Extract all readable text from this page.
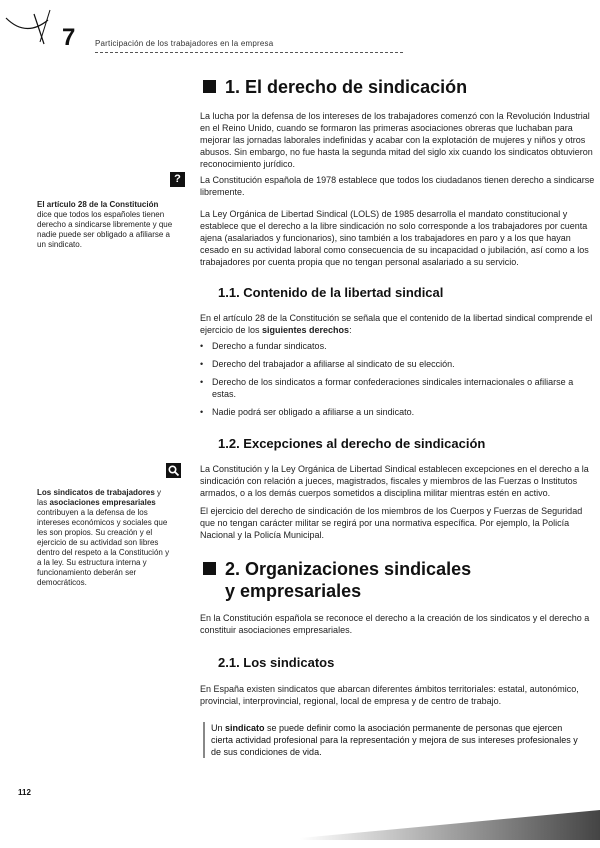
7 Participación de los trabajadores en la empresa
1. El derecho de sindicación

La lucha por la defensa de los intereses de los trabajadores comenzó con la Revolución Industrial en el Reino Unido, cuando se formaron las primeras asociaciones obreras que luchaban para mejorar las jornadas laborales indefinidas y acabar con la explotación de mujeres y niños y otros abusos. Sin embargo, no fue hasta la segunda mitad del siglo xix cuando los sindicatos obtuvieron reconocimiento jurídico.

La Constitución española de 1978 establece que todos los ciudadanos tienen derecho a sindicarse libremente.

La Ley Orgánica de Libertad Sindical (LOLS) de 1985 desarrolla el mandato constitucional y establece que el derecho a la libre sindicación no solo corresponde a los trabajadores por cuenta ajena (asalariados y funcionarios), sino también a los trabajadores en paro y a los que hayan cesado en su actividad laboral como consecuencia de su incapacidad o jubilación, así como a los trabajadores por cuenta propia que no tengan personal asalariado a su servicio.

?
El artículo 28 de la Constitución dice que todos los españoles tienen derecho a sindicarse libremente y que nadie puede ser obligado a afiliarse a un sindicato.
1.1. Contenido de la libertad sindical

En el artículo 28 de la Constitución se señala que el contenido de la libertad sindical comprende el ejercicio de los siguientes derechos:

• Derecho a fundar sindicatos.
• Derecho del trabajador a afiliarse al sindicato de su elección.
• Derecho de los sindicatos a formar confederaciones sindicales internacionales o afiliarse a estas.
• Nadie podrá ser obligado a afiliarse a un sindicato.
1.2. Excepciones al derecho de sindicación

La Constitución y la Ley Orgánica de Libertad Sindical establecen excepciones en el derecho a la sindicación con relación a jueces, magistrados, fiscales y miembros de las Fuerzas o Institutos armados, o a los demás cuerpos sometidos a disciplina militar mientras estén en activo.

El ejercicio del derecho de sindicación de los miembros de los Cuerpos y Fuerzas de Seguridad que no tengan carácter militar se regirá por una normativa específica. Por ejemplo, la Policía Nacional y la Policía Municipal.

Los sindicatos de trabajadores y las asociaciones empresariales contribuyen a la defensa de los intereses económicos y sociales que les son propios. Su creación y el ejercicio de su actividad son libres dentro del respeto a la Constitución y a la ley. Su estructura interna y funcionamiento deberán ser democráticos.
2. Organizaciones sindicales
y empresariales

En la Constitución española se reconoce el derecho a la creación de los sindicatos y el derecho a constituir asociaciones empresariales.

2.1. Los sindicatos

En España existen sindicatos que abarcan diferentes ámbitos territoriales: estatal, autonómico, provincial, interprovincial, regional, local de empresa y de centro de trabajo.

Un sindicato se puede definir como la asociación permanente de personas que ejercen cierta actividad profesional para la representación y mejora de sus intereses profesionales y de sus condiciones de vida.

112
